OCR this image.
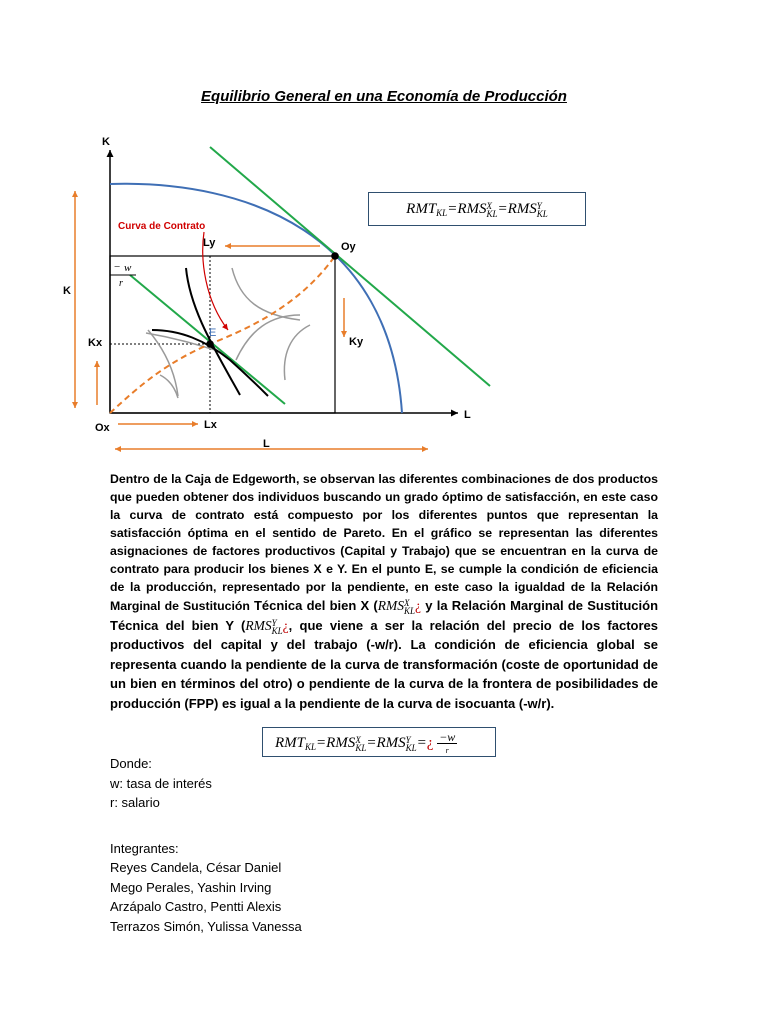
Equilibrio General en una Economía de Producción
K
L
Ox
Oy
K
L
Kx	Ky
Lx
Ly
E
Curva de Contrato
− w
r
$RMT_{KL}=RMSX$
KL=RMSY
KL
Dentro de la Caja de Edgeworth, se observan las diferentes combinaciones de dos productos que pueden obtener dos individuos buscando un grado óptimo de satisfacción, en este caso la curva de contrato está compuesto por los diferentes puntos que representan la satisfacción óptima en el sentido de Pareto. En el gráfico se representan las diferentes asignaciones de factores productivos (Capital y Trabajo) que se encuentran en la curva de contrato para producir los bienes X e Y. En el punto E, se cumple la condición de eficiencia de la producción, representado por la pendiente, en este caso la igualdad de la Relación Marginal de Sustitución Técnica del bien X (RMSX
KL¿ y la Relación Marginal de Sustitución Técnica del bien Y (RMSY
KL¿, que viene a ser la relación del precio de los factores productivos del capital y del trabajo (-w/r). La condición de eficiencia global se representa cuando la pendiente de la curva de transformación (coste de oportunidad de un bien en términos del otro) o pendiente de la curva de la frontera de posibilidades de producción (FPP) es igual a la pendiente de la curva de isocuanta (-w/r).
$RMT_{KL}=RMSX$
KL=RMSY
KL=¿ $\frac{-w}{r}$
Donde:
w: tasa de interés
r: salario
Integrantes:
Reyes Candela, César Daniel
Mego Perales, Yashin Irving
Arzápalo Castro, Pentti Alexis
Terrazos Simón, Yulissa Vanessa
